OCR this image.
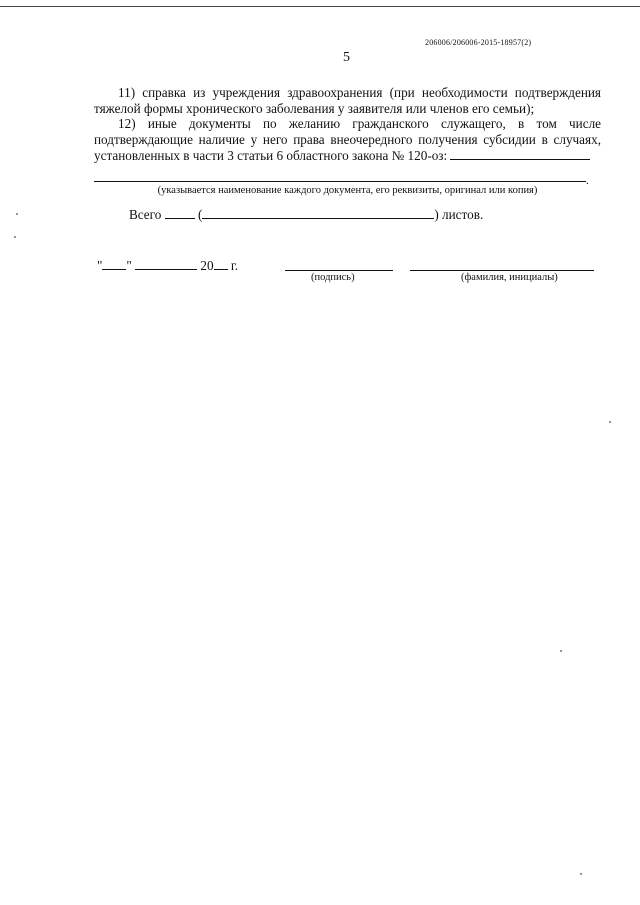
206006/206006-2015-18957(2)
5
11) справка из учреждения здравоохранения (при необходимости подтверждения тяжелой формы хронического заболевания у заявителя или членов его семьи);
12) иные документы по желанию гражданского служащего, в том числе подтверждающие наличие у него права внеочередного получения субсидии в случаях, установленных в части 3 статьи 6 областного закона № 120-оз:
.
(указывается наименование каждого документа, его реквизиты, оригинал или копия)
Всего	(	) листов.
" "	20 г.
(подпись)	(фамилия, инициалы)
